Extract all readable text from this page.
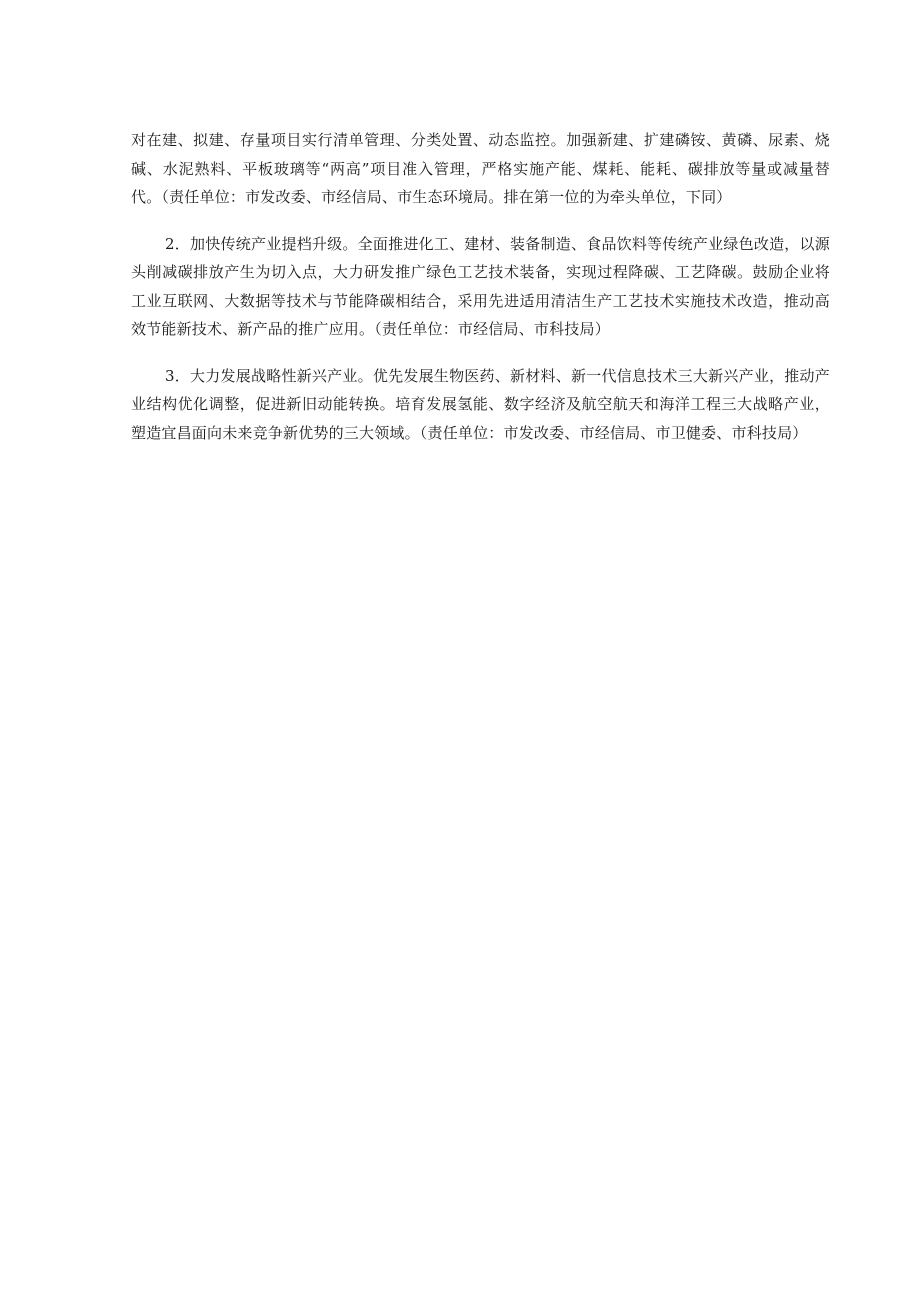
对在建、拟建、存量项目实行清单管理、分类处置、动态监控。加强新建、扩建磷铵、黄磷、尿素、烧碱、水泥熟料、平板玻璃等“两高”项目准入管理，严格实施产能、煤耗、能耗、碳排放等量或减量替代。（责任单位：市发改委、市经信局、市生态环境局。排在第一位的为牵头单位，下同）

2．加快传统产业提档升级。全面推进化工、建材、装备制造、食品饮料等传统产业绿色改造，以源头削减碳排放产生为切入点，大力研发推广绿色工艺技术装备，实现过程降碳、工艺降碳。鼓励企业将工业互联网、大数据等技术与节能降碳相结合，采用先进适用清洁生产工艺技术实施技术改造，推动高效节能新技术、新产品的推广应用。（责任单位：市经信局、市科技局）

3．大力发展战略性新兴产业。优先发展生物医药、新材料、新一代信息技术三大新兴产业，推动产业结构优化调整，促进新旧动能转换。培育发展氢能、数字经济及航空航天和海洋工程三大战略产业，塑造宜昌面向未来竞争新优势的三大领域。（责任单位：市发改委、市经信局、市卫健委、市科技局）
